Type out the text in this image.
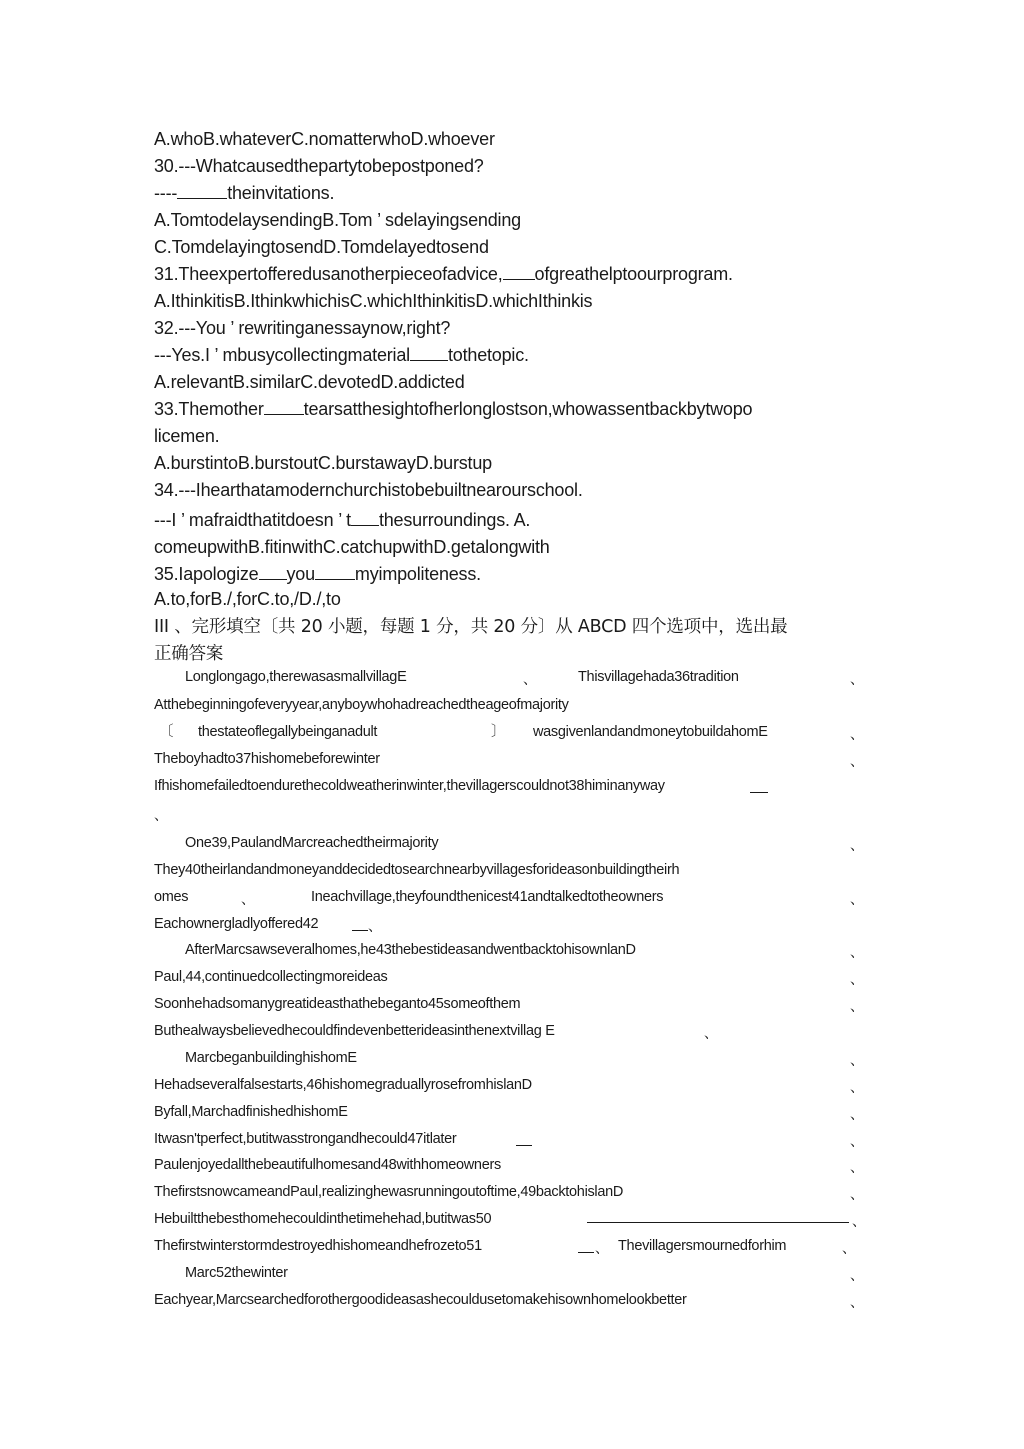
A.whoB.whateverC.nomatterwhoD.whoever
30.---Whatcausedthepartytobepostponed?
----	theinvitations.
A.TomtodelaysendingB.Tom ’ sdelayingsending
C.TomdelayingtosendD.Tomdelayedtosend
31.Theexpertofferedusanotherpieceofadvice, ofgreathelptoourprogram.
A.IthinkitisB.IthinkwhichisC.whichIthinkitisD.whichIthinkis
32.---You ’ rewritinganessaynow,right?
---Yes.I ’ mbusycollectingmaterial tothetopic.
A.relevantB.similarC.devotedD.addicted
33.Themother tearsatthesightofherlonglostson,whowassentbackbytwopo
licemen.
A.burstintoB.burstoutC.burstawayD.burstup
34.---Ihearthatamodernchurchistobebuiltnearourschool.
---I ’ mafraidthatitdoesn ’ t thesurroundings. A.
comeupwithB.fitinwithC.catchupwithD.getalongwith
35.Iapologize you myimpoliteness.
A.to,forB./,forC.to,/D./,to
III 、完形填空〔共 20 小题，每题 1 分，共 20 分〕从 ABCD 四个选项中，选出最
正确答案
Longlongago,therewasasmallvillagE	、	Thisvillagehada36tradition	、
Atthebeginningofeveryyear,anyboywhohadreachedtheageofmajority
〔 thestateoflegallybeinganadult	〕 wasgivenlandandmoneytobuildahomE	、
Theboyhadto37hishomebeforewinter	、
Ifhishomefailedtoendurethecoldweatherinwinter,thevillagerscouldnot38himinanyway
、
One39,PaulandMarcreachedtheirmajority	、
They40theirlandandmoneyanddecidedtosearchnearbyvillagesforideasonbuildingtheirh
omes	、	Ineachvillage,theyfoundthenicest41andtalkedtotheowners	、
Eachownergladlyoffered42	、
AfterMarcsawseveralhomes,he43thebestideasandwentbacktohisownlanD	、
Paul,44,continuedcollectingmoreideas	、
Soonhehadsomanygreatideasthathebeganto45someofthem	、
Buthealwaysbelievedhecouldfindevenbetterideasinthenextvillag E	、
MarcbeganbuildinghishomE	、
Hehadseveralfalsestarts,46hishomegraduallyrosefromhislanD	、
Byfall,MarchadfinishedhishomE	、
Itwasn'tperfect,butitwasstrongandhecould47itlater	、
Paulenjoyedallthebeautifulhomesand48withhomeowners	、
ThefirstsnowcameandPaul,realizinghewasrunningoutoftime,49backtohislanD	、
Hebuiltthebesthomehecouldinthetimehehad,butitwas50	、
Thefirstwinterstormdestroyedhishomeandhefrozeto51	、 Thevillagersmournedforhim	、
Marc52thewinter	、
Eachyear,Marcsearchedforothergoodideasashecouldusetomakehisownhomelookbetter	、
